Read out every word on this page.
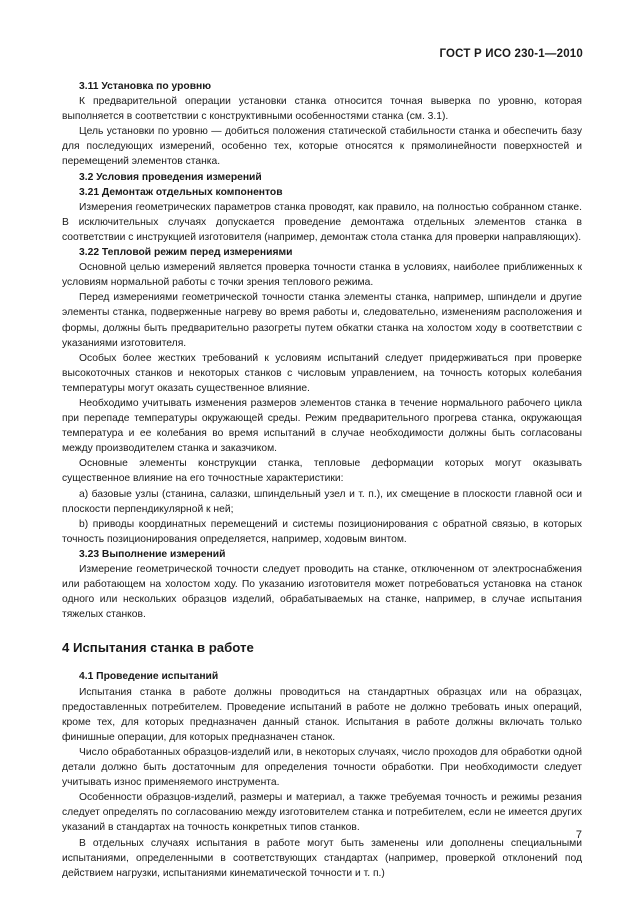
ГОСТ Р ИСО 230-1—2010
3.11 Установка по уровню

К предварительной операции установки станка относится точная выверка по уровню, которая выполняется в соответствии с конструктивными особенностями станка (см. 3.1).

Цель установки по уровню — добиться положения статической стабильности станка и обеспечить базу для последующих измерений, особенно тех, которые относятся к прямолинейности поверхностей и перемещений элементов станка.

3.2 Условия проведения измерений
3.21 Демонтаж отдельных компонентов

Измерения геометрических параметров станка проводят, как правило, на полностью собранном станке. В исключительных случаях допускается проведение демонтажа отдельных элементов станка в соответствии с инструкцией изготовителя (например, демонтаж стола станка для проверки направляющих).

3.22 Тепловой режим перед измерениями

Основной целью измерений является проверка точности станка в условиях, наиболее приближенных к условиям нормальной работы с точки зрения теплового режима.

Перед измерениями геометрической точности станка элементы станка, например, шпиндели и другие элементы станка, подверженные нагреву во время работы и, следовательно, изменениям расположения и формы, должны быть предварительно разогреты путем обкатки станка на холостом ходу в соответствии с указаниями изготовителя.

Особых более жестких требований к условиям испытаний следует придерживаться при проверке высокоточных станков и некоторых станков с числовым управлением, на точность которых колебания температуры могут оказать существенное влияние.

Необходимо учитывать изменения размеров элементов станка в течение нормального рабочего цикла при перепаде температуры окружающей среды. Режим предварительного прогрева станка, окружающая температура и ее колебания во время испытаний в случае необходимости должны быть согласованы между производителем станка и заказчиком.

Основные элементы конструкции станка, тепловые деформации которых могут оказывать существенное влияние на его точностные характеристики:

а) базовые узлы (станина, салазки, шпиндельный узел и т. п.), их смещение в плоскости главной оси и плоскости перпендикулярной к ней;

b) приводы координатных перемещений и системы позиционирования с обратной связью, в которых точность позиционирования определяется, например, ходовым винтом.

3.23 Выполнение измерений

Измерение геометрической точности следует проводить на станке, отключенном от электроснабжения или работающем на холостом ходу. По указанию изготовителя может потребоваться установка на станок одного или нескольких образцов изделий, обрабатываемых на станке, например, в случае испытания тяжелых станков.

4 Испытания станка в работе
4.1 Проведение испытаний

Испытания станка в работе должны проводиться на стандартных образцах или на образцах, предоставленных потребителем. Проведение испытаний в работе не должно требовать иных операций, кроме тех, для которых предназначен данный станок. Испытания в работе должны включать только финишные операции, для которых предназначен станок.

Число обработанных образцов-изделий или, в некоторых случаях, число проходов для обработки одной детали должно быть достаточным для определения точности обработки. При необходимости следует учитывать износ применяемого инструмента.

Особенности образцов-изделий, размеры и материал, а также требуемая точность и режимы резания следует определять по согласованию между изготовителем станка и потребителем, если не имеется других указаний в стандартах на точность конкретных типов станков.

В отдельных случаях испытания в работе могут быть заменены или дополнены специальными испытаниями, определенными в соответствующих стандартах (например, проверкой отклонений под действием нагрузки, испытаниями кинематической точности и т. п.)

7
